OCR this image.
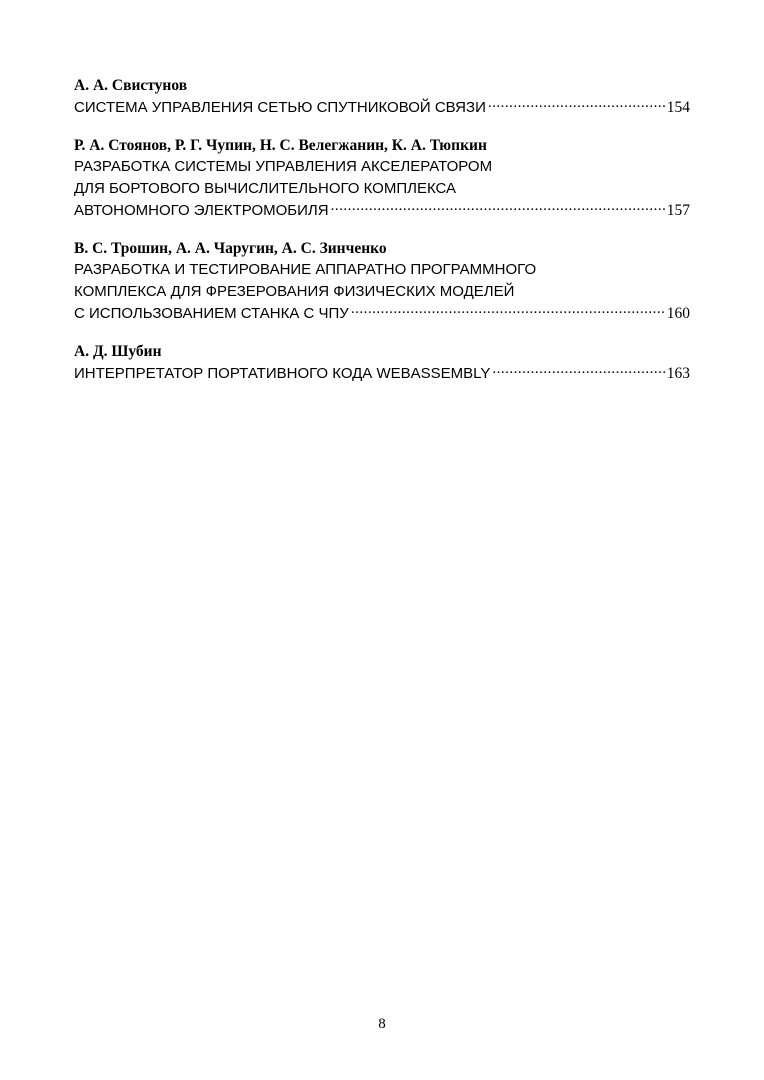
А. А. Свистунов
СИСТЕМА УПРАВЛЕНИЯ СЕТЬЮ СПУТНИКОВОЙ СВЯЗИ .....	154
Р. А. Стоянов, Р. Г. Чупин, Н. С. Велегжанин, К. А. Тюпкин
РАЗРАБОТКА СИСТЕМЫ УПРАВЛЕНИЯ АКСЕЛЕРАТОРОМ
ДЛЯ БОРТОВОГО ВЫЧИСЛИТЕЛЬНОГО КОМПЛЕКСА
АВТОНОМНОГО ЭЛЕКТРОМОБИЛЯ .....	157
В. С. Трошин, А. А. Чаругин, А. С. Зинченко
РАЗРАБОТКА И ТЕСТИРОВАНИЕ АППАРАТНО ПРОГРАММНОГО
КОМПЛЕКСА ДЛЯ ФРЕЗЕРОВАНИЯ ФИЗИЧЕСКИХ МОДЕЛЕЙ
С ИСПОЛЬЗОВАНИЕМ СТАНКА С ЧПУ .....	160
А. Д. Шубин
ИНТЕРПРЕТАТОР ПОРТАТИВНОГО КОДА WEBASSEMBLY .....	163
8
